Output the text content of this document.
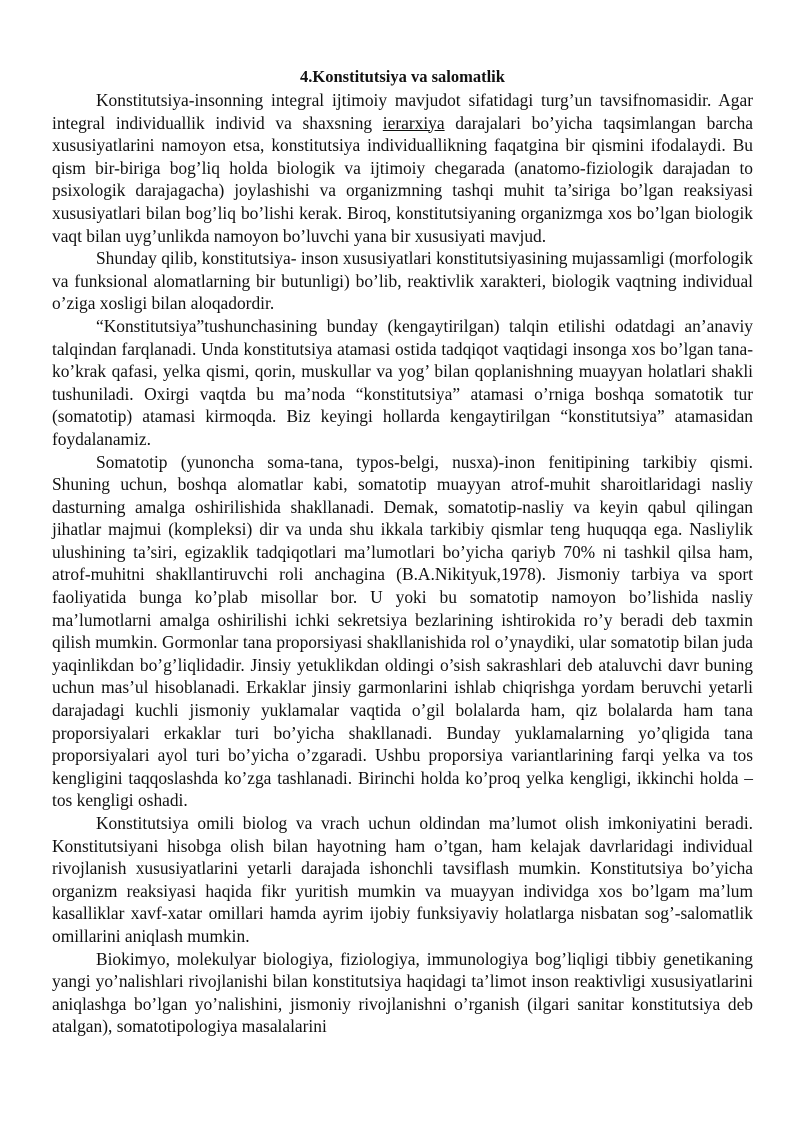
4.Konstitutsiya va salomatlik

Konstitutsiya-insonning integral ijtimoiy mavjudot sifatidagi turg’un tavsifnomasidir. Agar integral individuallik individ va shaxsning ierarxiya darajalari bo’yicha taqsimlangan barcha xususiyatlarini namoyon etsa, konstitutsiya individuallikning faqatgina bir qismini ifodalaydi. Bu qism bir-biriga bog’liq holda biologik va ijtimoiy chegarada (anatomo-fiziologik darajadan to psixologik darajagacha) joylashishi va organizmning tashqi muhit ta’siriga bo’lgan reaksiyasi xususiyatlari bilan bog’liq bo’lishi kerak. Biroq, konstitutsiyaning organizmga xos bo’lgan biologik vaqt bilan uyg’unlikda namoyon bo’luvchi yana bir xususiyati mavjud.

Shunday qilib, konstitutsiya- inson xususiyatlari konstitutsiyasining mujassamligi (morfologik va funksional alomatlarning bir butunligi) bo’lib, reaktivlik xarakteri, biologik vaqtning individual o’ziga xosligi bilan aloqadordir.

“Konstitutsiya”tushunchasining bunday (kengaytirilgan) talqin etilishi odatdagi an’anaviy talqindan farqlanadi. Unda konstitutsiya atamasi ostida tadqiqot vaqtidagi insonga xos bo’lgan tana-ko’krak qafasi, yelka qismi, qorin, muskullar va yog’ bilan qoplanishning muayyan holatlari shakli tushuniladi. Oxirgi vaqtda bu ma’noda “konstitutsiya” atamasi o’rniga boshqa somatotik tur (somatotip) atamasi kirmoqda. Biz keyingi hollarda kengaytirilgan “konstitutsiya” atamasidan foydalanamiz.

Somatotip (yunoncha soma-tana, typos-belgi, nusxa)-inon fenitipining tarkibiy qismi. Shuning uchun, boshqa alomatlar kabi, somatotip muayyan atrof-muhit sharoitlaridagi nasliy dasturning amalga oshirilishida shakllanadi. Demak, somatotip-nasliy va keyin qabul qilingan jihatlar majmui (kompleksi) dir va unda shu ikkala tarkibiy qismlar teng huquqqa ega. Nasliylik ulushining ta’siri, egizaklik tadqiqotlari ma’lumotlari bo’yicha qariyb 70% ni tashkil qilsa ham, atrof-muhitni shakllantiruvchi roli anchagina (B.A.Nikityuk,1978). Jismoniy tarbiya va sport faoliyatida bunga ko’plab misollar bor. U yoki bu somatotip namoyon bo’lishida nasliy ma’lumotlarni amalga oshirilishi ichki sekretsiya bezlarining ishtirokida ro’y beradi deb taxmin qilish mumkin. Gormonlar tana proporsiyasi shakllanishida rol o’ynaydiki, ular somatotip bilan juda yaqinlikdan bo’g’liqlidadir. Jinsiy yetuklikdan oldingi o’sish sakrashlari deb ataluvchi davr buning uchun mas’ul hisoblanadi. Erkaklar jinsiy garmonlarini ishlab chiqrishga yordam beruvchi yetarli darajadagi kuchli jismoniy yuklamalar vaqtida o’gil bolalarda ham, qiz bolalarda ham tana proporsiyalari erkaklar turi bo’yicha shakllanadi. Bunday yuklamalarning yo’qligida tana proporsiyalari ayol turi bo’yicha o’zgaradi. Ushbu proporsiya variantlarining farqi yelka va tos kengligini taqqoslashda ko’zga tashlanadi. Birinchi holda ko’proq yelka kengligi, ikkinchi holda –tos kengligi oshadi.

Konstitutsiya omili biolog va vrach uchun oldindan ma’lumot olish imkoniyatini beradi. Konstitutsiyani hisobga olish bilan hayotning ham o’tgan, ham kelajak davrlaridagi individual rivojlanish xususiyatlarini yetarli darajada ishonchli tavsiflash mumkin. Konstitutsiya bo’yicha organizm reaksiyasi haqida fikr yuritish mumkin va muayyan individga xos bo’lgam ma’lum kasalliklar xavf-xatar omillari hamda ayrim ijobiy funksiyaviy holatlarga nisbatan sog’-salomatlik omillarini aniqlash mumkin.

Biokimyo, molekulyar biologiya, fiziologiya, immunologiya bog’liqligi tibbiy genetikaning yangi yo’nalishlari rivojlanishi bilan konstitutsiya haqidagi ta’limot inson reaktivligi xususiyatlarini aniqlashga bo’lgan yo’nalishini, jismoniy rivojlanishni o’rganish (ilgari sanitar konstitutsiya deb atalgan), somatotipologiya masalalarini
